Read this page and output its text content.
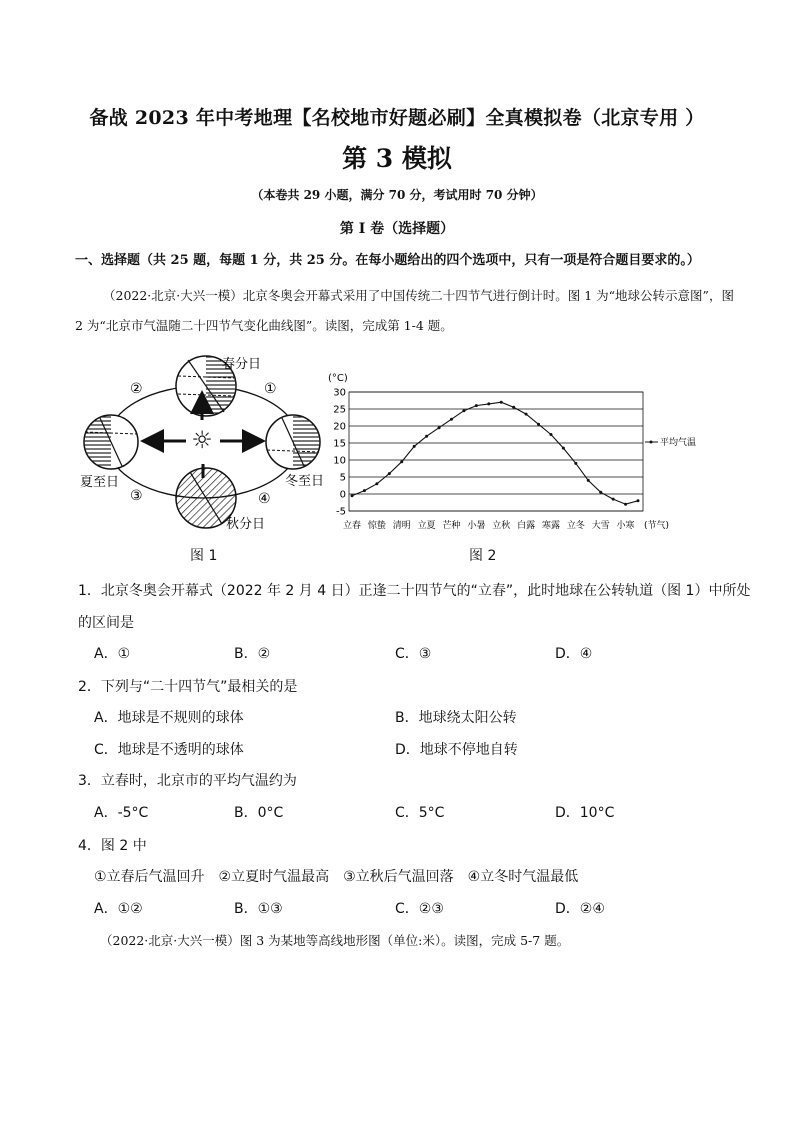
备战 2023 年中考地理【名校地市好题必刷】全真模拟卷（北京专用 ）
第 3 模拟
（本卷共 29 小题，满分 70 分，考试用时 70 分钟）
第 I 卷（选择题）
一、选择题（共 25 题，每题 1 分，共 25 分。在每小题给出的四个选项中，只有一项是符合题目要求的。）
（2022·北京·大兴一模）北京冬奥会开幕式采用了中国传统二十四节气进行倒计时。图 1 为“地球公转示意图”，图 2 为“北京市气温随二十四节气变化曲线图”。读图，完成第 1-4 题。
☼
春分日
夏至日	冬至日
秋分日
①
②
③	④
图 1
(°C)
-5
0
5
10
15
20
25
30
立春 惊蛰 清明 立夏 芒种 小暑 立秋 白露 寒露 立冬 大雪 小寒 (节气)
平均气温
图 2
1．北京冬奥会开幕式（2022 年 2 月 4 日）正逢二十四节气的“立春”，此时地球在公转轨道（图 1）中所处
的区间是
A．①	B．②	C．③	D．④
2．下列与“二十四节气”最相关的是
A．地球是不规则的球体	B．地球绕太阳公转
C．地球是不透明的球体	D．地球不停地自转
3．立春时，北京市的平均气温约为
A．-5°C	B．0°C	C．5°C	D．10°C
4．图 2 中
①立春后气温回升　②立夏时气温最高　③立秋后气温回落　④立冬时气温最低
A．①②	B．①③	C．②③	D．②④
（2022·北京·大兴一模）图 3 为某地等高线地形图（单位:米）。读图，完成 5-7 题。
